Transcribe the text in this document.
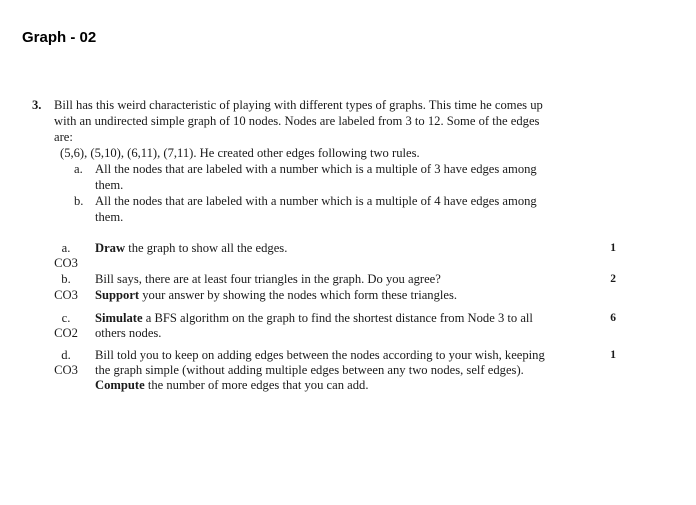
Graph - 02
3. Bill has this weird characteristic of playing with different types of graphs. This time he comes up
with an undirected simple graph of 10 nodes. Nodes are labeled from 3 to 12. Some of the edges
are:
(5,6), (5,10), (6,11), (7,11). He created other edges following two rules.
a. All the nodes that are labeled with a number which is a multiple of 3 have edges among
them.
b. All the nodes that are labeled with a number which is a multiple of 4 have edges among
them.
a.
CO3
Draw the graph to show all the edges.	1
b.
CO3
Bill says, there are at least four triangles in the graph. Do you agree?
Support your answer by showing the nodes which form these triangles.
2
c.
CO2
Simulate a BFS algorithm on the graph to find the shortest distance from Node 3 to all
others nodes.
6
d.
CO3
Bill told you to keep on adding edges between the nodes according to your wish, keeping
the graph simple (without adding multiple edges between any two nodes, self edges).
Compute the number of more edges that you can add.
1
